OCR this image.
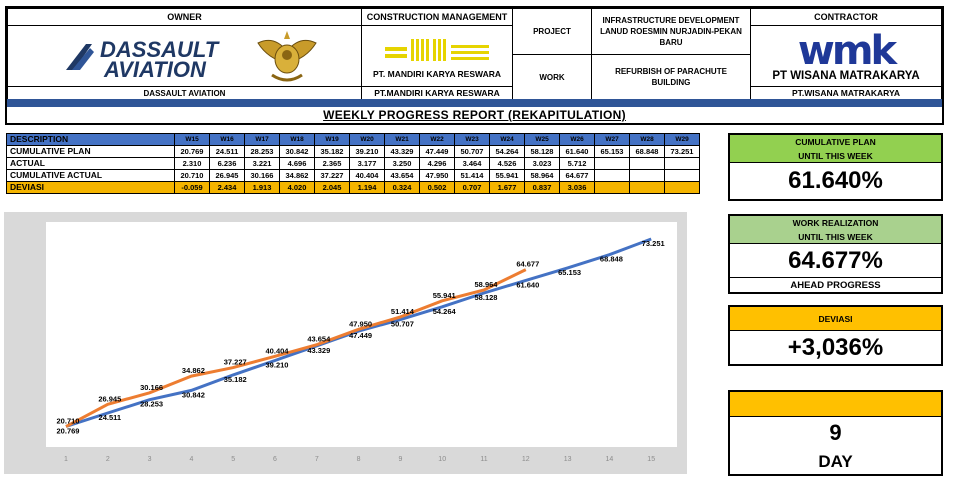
OWNER
DASSAULT
AVIATION
DASSAULT AVIATION
CONSTRUCTION MANAGEMENT
PT. MANDIRI KARYA RESWARA
PT.MANDIRI KARYA RESWARA
PROJECT
WORK
INFRASTRUCTURE DEVELOPMENT LANUD ROESMIN NURJADIN-PEKAN BARU
REFURBISH OF PARACHUTE BUILDING
CONTRACTOR
wmk
PT WISANA MATRAKARYA
PT.WISANA MATRAKARYA
WEEKLY PROGRESS REPORT (REKAPITULATION)
DESCRIPTION	W15	W16	W17	W18	W19	W20	W21	W22	W23	W24	W25	W26	W27	W28	W29
CUMULATIVE PLAN	20.769	24.511	28.253	30.842	35.182	39.210	43.329	47.449	50.707	54.264	58.128	61.640	65.153	68.848	73.251
ACTUAL	2.310	6.236	3.221	4.696	2.365	3.177	3.250	4.296	3.464	4.526	3.023	5.712			
CUMULATIVE ACTUAL	20.710	26.945	30.166	34.862	37.227	40.404	43.654	47.950	51.414	55.941	58.964	64.677			
DEVIASI	-0.059	2.434	1.913	4.020	2.045	1.194	0.324	0.502	0.707	1.677	0.837	3.036			
1	2	3	4	5	6	7	8	9	10	11	12	13	14	15
20.710
26.945
30.166
34.862
37.227
40.404
43.654
47.950
51.414
55.941
58.964
64.677
20.769
24.511
28.253
30.842
35.182
39.210
43.329
47.449
50.707
54.264
58.128
61.640
65.153
68.848
73.251
CUMULATIVE PLAN
UNTIL THIS WEEK
61.640%
WORK REALIZATION
UNTIL THIS WEEK
64.677%
AHEAD PROGRESS
DEVIASI
+3,036%
9
DAY
